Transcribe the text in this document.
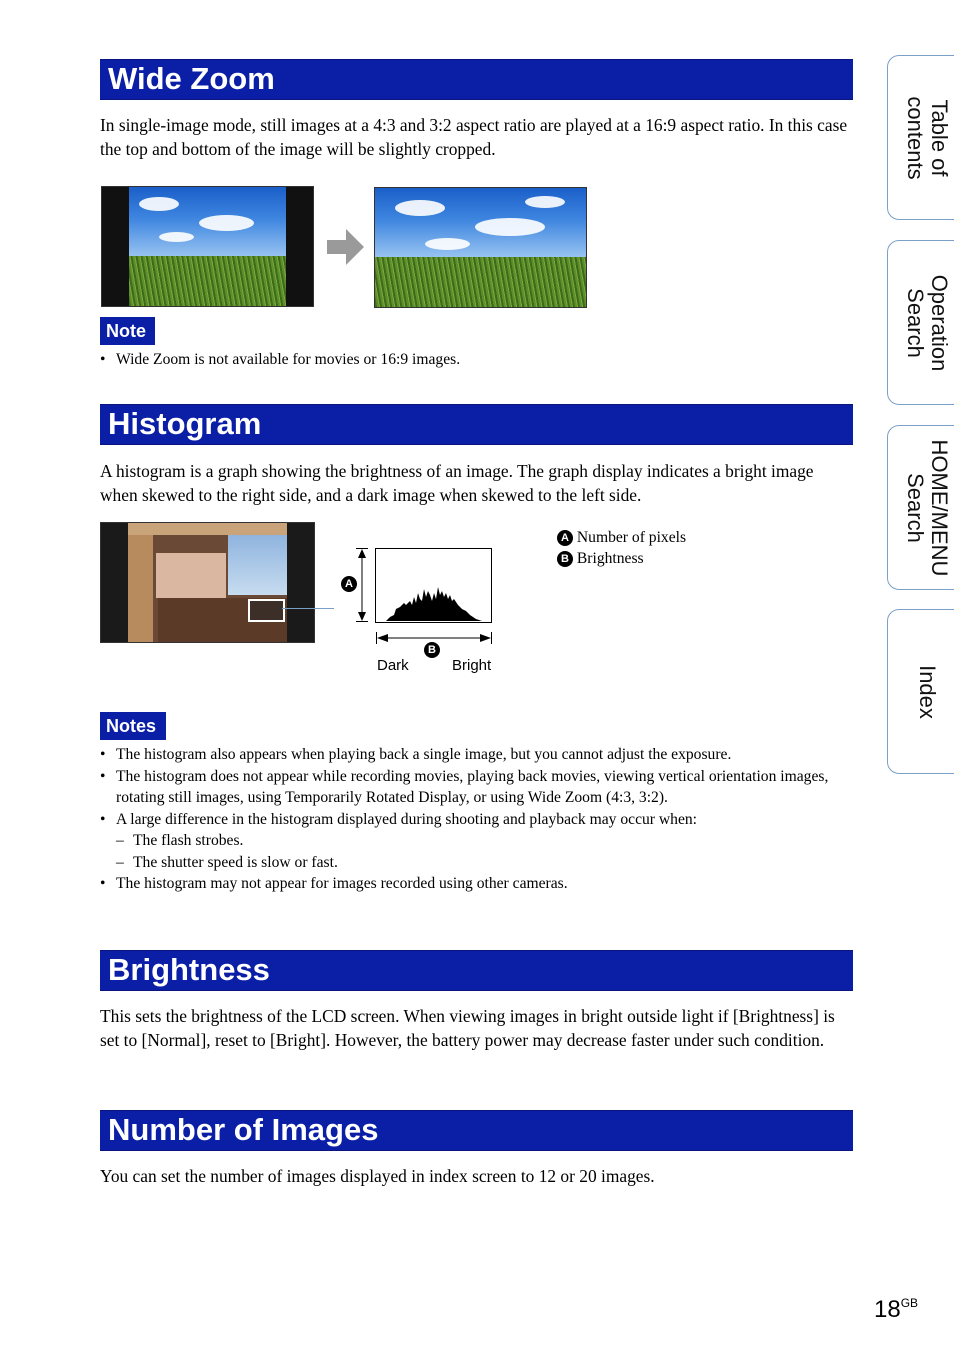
Table of
contents
Operation
Search
HOME/MENU
Search
Index
Wide Zoom
In single-image mode, still images at a 4:3 and 3:2 aspect ratio are played at a 16:9 aspect ratio. In this case the top and bottom of the image will be slightly cropped.
Note
• Wide Zoom is not available for movies or 16:9 images.
Histogram
A histogram is a graph showing the brightness of an image. The graph display indicates a bright image when skewed to the right side, and a dark image when skewed to the left side.
A
B
Dark	Bright
A Number of pixels
B Brightness
Notes
• The histogram also appears when playing back a single image, but you cannot adjust the exposure.
• The histogram does not appear while recording movies, playing back movies, viewing vertical orientation images, rotating still images, using Temporarily Rotated Display, or using Wide Zoom (4:3, 3:2).
• A large difference in the histogram displayed during shooting and playback may occur when:
– The flash strobes.
– The shutter speed is slow or fast.
• The histogram may not appear for images recorded using other cameras.
Brightness
This sets the brightness of the LCD screen. When viewing images in bright outside light if [Brightness] is set to [Normal], reset to [Bright]. However, the battery power may decrease faster under such condition.
Number of Images
You can set the number of images displayed in index screen to 12 or 20 images.
$18^{GB}$
